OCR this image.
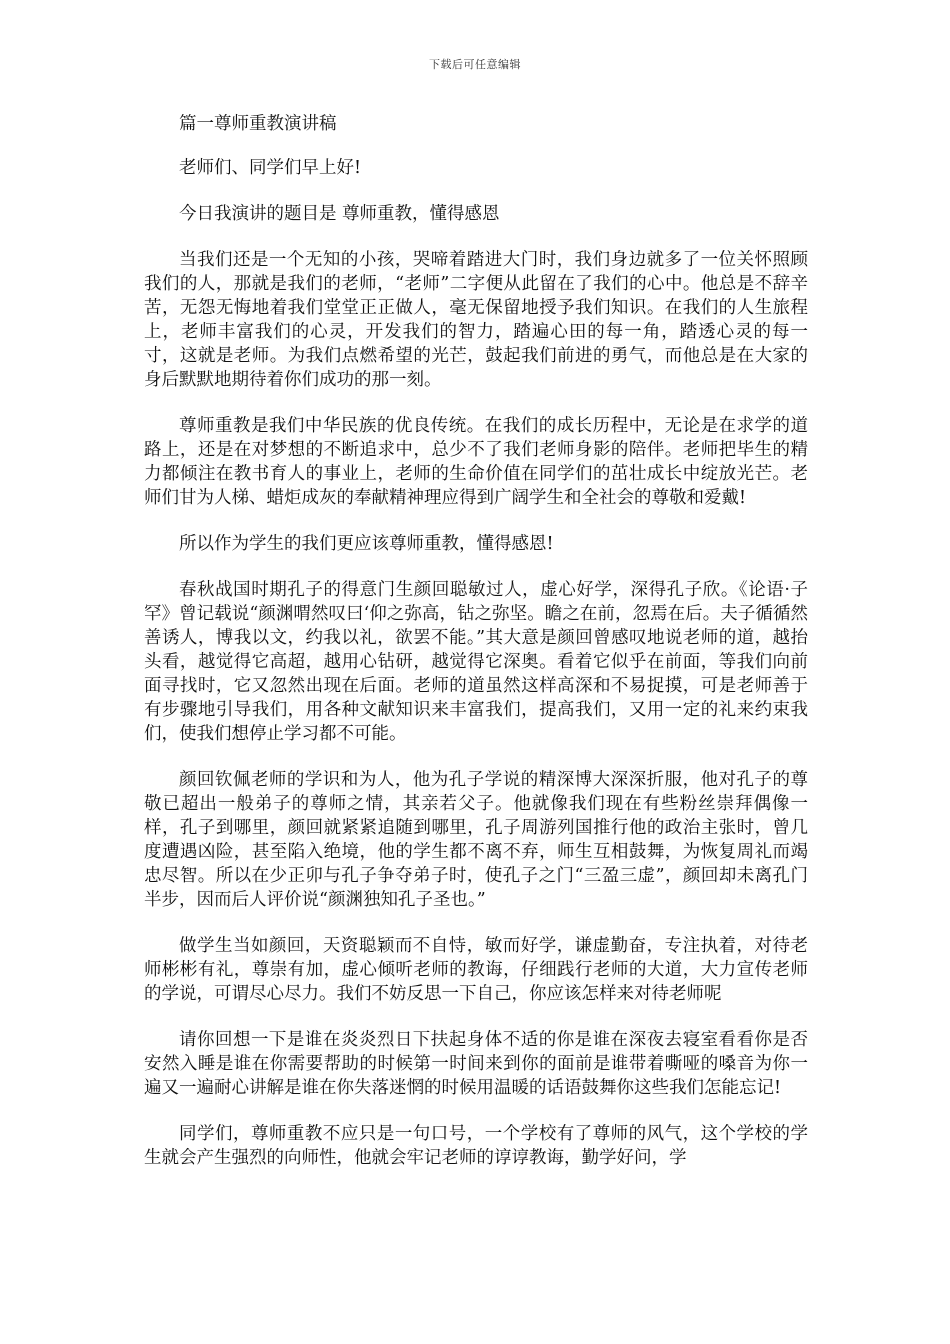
下载后可任意编辑
篇一尊师重教演讲稿
老师们、同学们早上好!
今日我演讲的题目是 尊师重教，懂得感恩
当我们还是一个无知的小孩，哭啼着踏进大门时，我们身边就多了一位关怀照顾我们的人，那就是我们的老师，“老师”二字便从此留在了我们的心中。他总是不辞辛苦，无怨无悔地着我们堂堂正正做人，毫无保留地授予我们知识。在我们的人生旅程上，老师丰富我们的心灵，开发我们的智力，踏遍心田的每一角，踏透心灵的每一寸，这就是老师。为我们点燃希望的光芒，鼓起我们前进的勇气，而他总是在大家的身后默默地期待着你们成功的那一刻。
尊师重教是我们中华民族的优良传统。在我们的成长历程中，无论是在求学的道路上，还是在对梦想的不断追求中，总少不了我们老师身影的陪伴。老师把毕生的精力都倾注在教书育人的事业上，老师的生命价值在同学们的茁壮成长中绽放光芒。老师们甘为人梯、蜡炬成灰的奉献精神理应得到广阔学生和全社会的尊敬和爱戴!
所以作为学生的我们更应该尊师重教，懂得感恩!
春秋战国时期孔子的得意门生颜回聪敏过人，虚心好学，深得孔子欣。《论语·子罕》曾记载说“颜渊喟然叹曰‘仰之弥高，钻之弥坚。瞻之在前，忽焉在后。夫子循循然善诱人，博我以文，约我以礼，欲罢不能。”其大意是颜回曾感叹地说老师的道，越抬头看，越觉得它高超，越用心钻研，越觉得它深奥。看着它似乎在前面，等我们向前面寻找时，它又忽然出现在后面。老师的道虽然这样高深和不易捉摸，可是老师善于有步骤地引导我们，用各种文献知识来丰富我们，提高我们，又用一定的礼来约束我们，使我们想停止学习都不可能。
颜回钦佩老师的学识和为人，他为孔子学说的精深博大深深折服，他对孔子的尊敬已超出一般弟子的尊师之情，其亲若父子。他就像我们现在有些粉丝崇拜偶像一样，孔子到哪里，颜回就紧紧追随到哪里，孔子周游列国推行他的政治主张时，曾几度遭遇凶险，甚至陷入绝境，他的学生都不离不弃，师生互相鼓舞，为恢复周礼而竭忠尽智。所以在少正卯与孔子争夺弟子时，使孔子之门“三盈三虚”，颜回却未离孔门半步，因而后人评价说“颜渊独知孔子圣也。”
做学生当如颜回，天资聪颖而不自恃，敏而好学，谦虚勤奋，专注执着，对待老师彬彬有礼，尊崇有加，虚心倾听老师的教诲，仔细践行老师的大道，大力宣传老师的学说，可谓尽心尽力。我们不妨反思一下自己，你应该怎样来对待老师呢
请你回想一下是谁在炎炎烈日下扶起身体不适的你是谁在深夜去寝室看看你是否安然入睡是谁在你需要帮助的时候第一时间来到你的面前是谁带着嘶哑的嗓音为你一遍又一遍耐心讲解是谁在你失落迷惘的时候用温暖的话语鼓舞你这些我们怎能忘记!
同学们，尊师重教不应只是一句口号，一个学校有了尊师的风气，这个学校的学生就会产生强烈的向师性，他就会牢记老师的谆谆教诲，勤学好问，学
